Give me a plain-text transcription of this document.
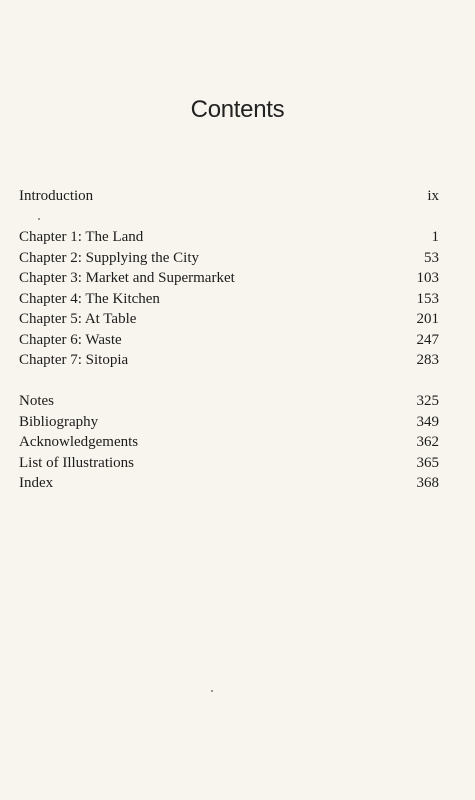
Contents
Introduction	ix
Chapter 1: The Land	1
Chapter 2: Supplying the City	53
Chapter 3: Market and Supermarket	103
Chapter 4: The Kitchen	153
Chapter 5: At Table	201
Chapter 6: Waste	247
Chapter 7: Sitopia	283
Notes	325
Bibliography	349
Acknowledgements	362
List of Illustrations	365
Index	368
